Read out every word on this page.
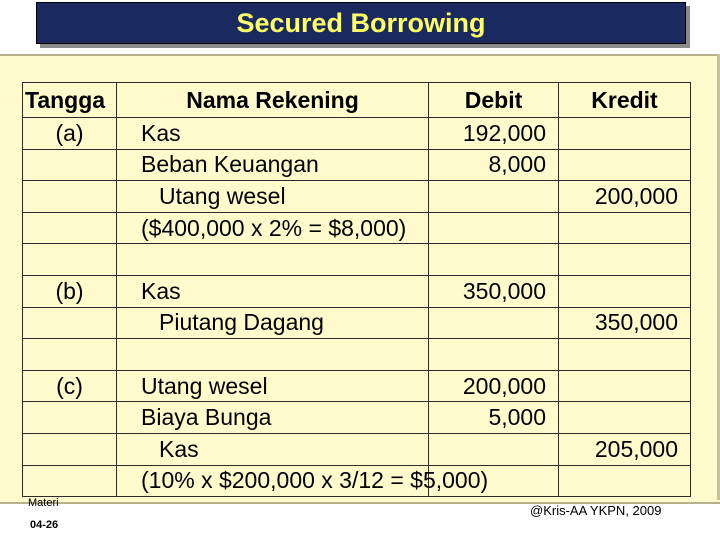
Secured Borrowing
Tangga	Nama Rekening	Debit	Kredit
(a)	Kas	192,000	
	Beban Keuangan	8,000	
	Utang wesel		200,000
	($400,000 x 2% = $8,000)		

(b)	Kas	350,000	
	Piutang Dagang		350,000

(c)	Utang wesel	200,000	
	Biaya Bunga	5,000	
	Kas		205,000
	(10% x $200,000 x 3/12 = $5,000)		
Materi
04-26
@Kris-AA YKPN, 2009
